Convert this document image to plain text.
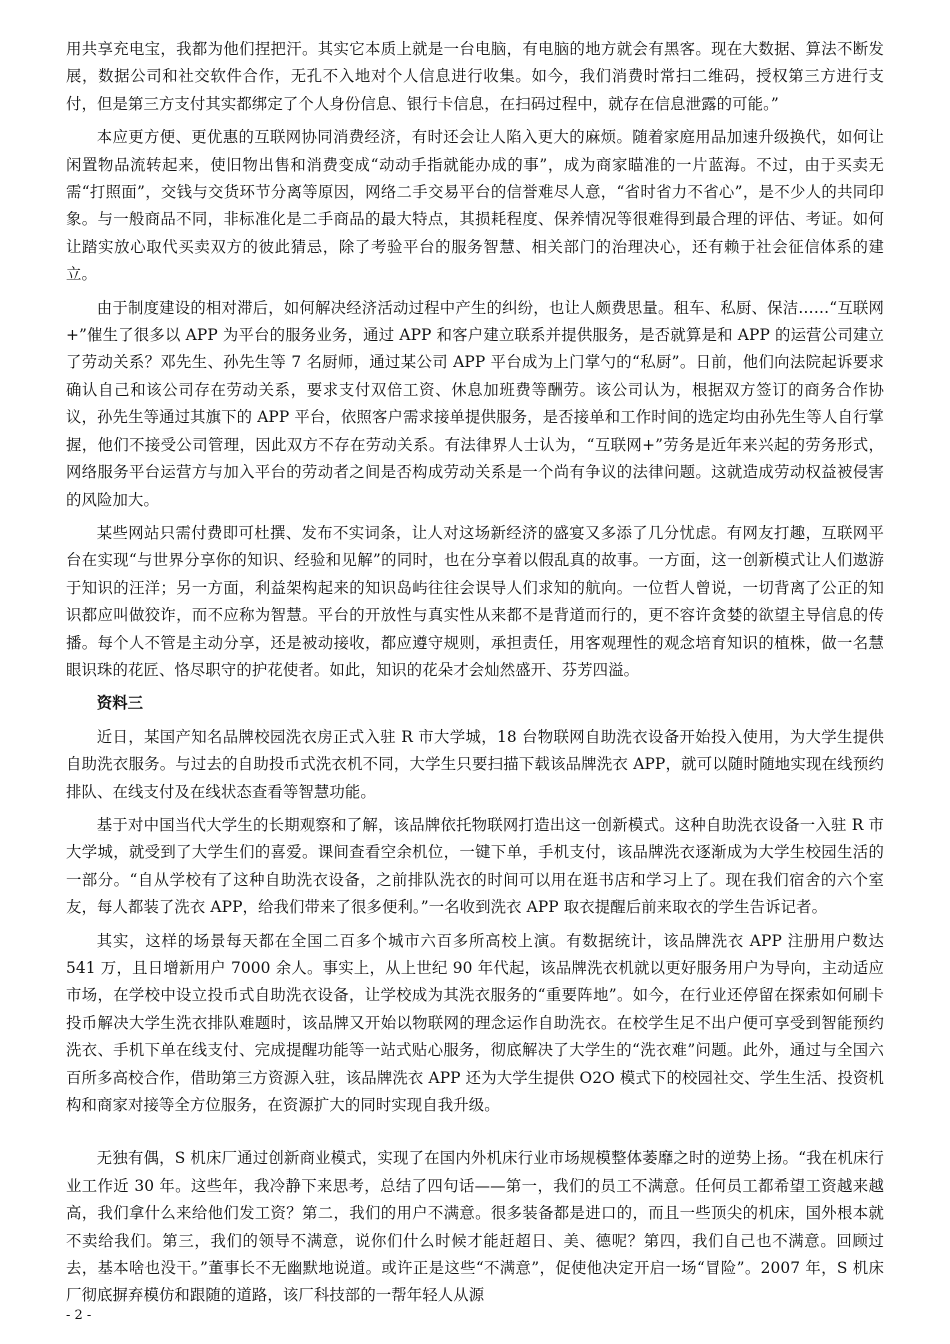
用共享充电宝，我都为他们捏把汗。其实它本质上就是一台电脑，有电脑的地方就会有黑客。现在大数据、算法不断发展，数据公司和社交软件合作，无孔不入地对个人信息进行收集。如今，我们消费时常扫二维码，授权第三方进行支付，但是第三方支付其实都绑定了个人身份信息、银行卡信息，在扫码过程中，就存在信息泄露的可能。”

本应更方便、更优惠的互联网协同消费经济，有时还会让人陷入更大的麻烦。随着家庭用品加速升级换代，如何让闲置物品流转起来，使旧物出售和消费变成“动动手指就能办成的事”，成为商家瞄准的一片蓝海。不过，由于买卖无需“打照面”，交钱与交货环节分离等原因，网络二手交易平台的信誉难尽人意，“省时省力不省心”，是不少人的共同印象。与一般商品不同，非标准化是二手商品的最大特点，其损耗程度、保养情况等很难得到最合理的评估、考证。如何让踏实放心取代买卖双方的彼此猜忌，除了考验平台的服务智慧、相关部门的治理决心，还有赖于社会征信体系的建立。

由于制度建设的相对滞后，如何解决经济活动过程中产生的纠纷，也让人颇费思量。租车、私厨、保洁……“互联网+”催生了很多以 APP 为平台的服务业务，通过 APP 和客户建立联系并提供服务，是否就算是和 APP 的运营公司建立了劳动关系？邓先生、孙先生等 7 名厨师，通过某公司 APP 平台成为上门掌勺的“私厨”。日前，他们向法院起诉要求确认自己和该公司存在劳动关系，要求支付双倍工资、休息加班费等酬劳。该公司认为，根据双方签订的商务合作协议，孙先生等通过其旗下的 APP 平台，依照客户需求接单提供服务，是否接单和工作时间的选定均由孙先生等人自行掌握，他们不接受公司管理，因此双方不存在劳动关系。有法律界人士认为，“互联网+”劳务是近年来兴起的劳务形式，网络服务平台运营方与加入平台的劳动者之间是否构成劳动关系是一个尚有争议的法律问题。这就造成劳动权益被侵害的风险加大。

某些网站只需付费即可杜撰、发布不实词条，让人对这场新经济的盛宴又多添了几分忧虑。有网友打趣，互联网平台在实现“与世界分享你的知识、经验和见解”的同时，也在分享着以假乱真的故事。一方面，这一创新模式让人们遨游于知识的汪洋；另一方面，利益架构起来的知识岛屿往往会误导人们求知的航向。一位哲人曾说，一切背离了公正的知识都应叫做狡诈，而不应称为智慧。平台的开放性与真实性从来都不是背道而行的，更不容许贪婪的欲望主导信息的传播。每个人不管是主动分享，还是被动接收，都应遵守规则，承担责任，用客观理性的观念培育知识的植株，做一名慧眼识珠的花匠、恪尽职守的护花使者。如此，知识的花朵才会灿然盛开、芬芳四溢。

资料三

近日，某国产知名品牌校园洗衣房正式入驻 R 市大学城，18 台物联网自助洗衣设备开始投入使用，为大学生提供自助洗衣服务。与过去的自助投币式洗衣机不同，大学生只要扫描下载该品牌洗衣 APP，就可以随时随地实现在线预约排队、在线支付及在线状态查看等智慧功能。

基于对中国当代大学生的长期观察和了解，该品牌依托物联网打造出这一创新模式。这种自助洗衣设备一入驻 R 市大学城，就受到了大学生们的喜爱。课间查看空余机位，一键下单，手机支付，该品牌洗衣逐渐成为大学生校园生活的一部分。“自从学校有了这种自助洗衣设备，之前排队洗衣的时间可以用在逛书店和学习上了。现在我们宿舍的六个室友，每人都装了洗衣 APP，给我们带来了很多便利。”一名收到洗衣 APP 取衣提醒后前来取衣的学生告诉记者。

其实，这样的场景每天都在全国二百多个城市六百多所高校上演。有数据统计，该品牌洗衣 APP 注册用户数达 541 万，且日增新用户 7000 余人。事实上，从上世纪 90 年代起，该品牌洗衣机就以更好服务用户为导向，主动适应市场，在学校中设立投币式自助洗衣设备，让学校成为其洗衣服务的“重要阵地”。如今，在行业还停留在探索如何刷卡投币解决大学生洗衣排队难题时，该品牌又开始以物联网的理念运作自助洗衣。在校学生足不出户便可享受到智能预约洗衣、手机下单在线支付、完成提醒功能等一站式贴心服务，彻底解决了大学生的“洗衣难”问题。此外，通过与全国六百所多高校合作，借助第三方资源入驻，该品牌洗衣 APP 还为大学生提供 O2O 模式下的校园社交、学生生活、投资机构和商家对接等全方位服务，在资源扩大的同时实现自我升级。

无独有偶，S 机床厂通过创新商业模式，实现了在国内外机床行业市场规模整体萎靡之时的逆势上扬。“我在机床行业工作近 30 年。这些年，我冷静下来思考，总结了四句话——第一，我们的员工不满意。任何员工都希望工资越来越高，我们拿什么来给他们发工资？第二，我们的用户不满意。很多装备都是进口的，而且一些顶尖的机床，国外根本就不卖给我们。第三，我们的领导不满意，说你们什么时候才能赶超日、美、德呢？第四，我们自己也不满意。回顾过去，基本啥也没干。”董事长不无幽默地说道。或许正是这些“不满意”，促使他决定开启一场“冒险”。2007 年，S 机床厂彻底摒弃模仿和跟随的道路，该厂科技部的一帮年轻人从源

- 2 -
